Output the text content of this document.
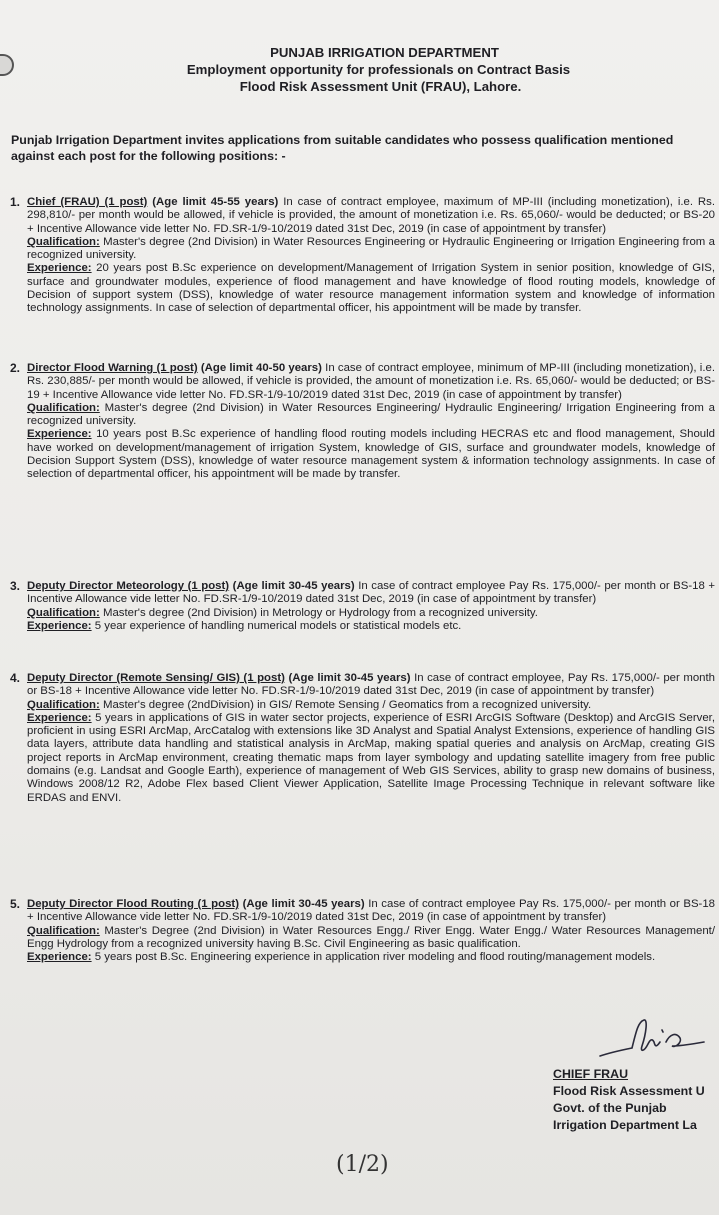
PUNJAB IRRIGATION DEPARTMENT
Employment opportunity for professionals on Contract Basis
Flood Risk Assessment Unit (FRAU), Lahore.
Punjab Irrigation Department invites applications from suitable candidates who possess qualification mentioned against each post for the following positions: -
1. Chief (FRAU) (1 post) (Age limit 45-55 years) In case of contract employee, maximum of MP-III (including monetization), i.e. Rs. 298,810/- per month would be allowed, if vehicle is provided, the amount of monetization i.e. Rs. 65,060/- would be deducted; or BS-20 + Incentive Allowance vide letter No. FD.SR-1/9-10/2019 dated 31st Dec, 2019 (in case of appointment by transfer)
Qualification: Master's degree (2nd Division) in Water Resources Engineering or Hydraulic Engineering or Irrigation Engineering from a recognized university.
Experience: 20 years post B.Sc experience on development/Management of Irrigation System in senior position, knowledge of GIS, surface and groundwater modules, experience of flood management and have knowledge of flood routing models, knowledge of Decision of support system (DSS), knowledge of water resource management information system and knowledge of information technology assignments. In case of selection of departmental officer, his appointment will be made by transfer.
2. Director Flood Warning (1 post) (Age limit 40-50 years) In case of contract employee, minimum of MP-III (including monetization), i.e. Rs. 230,885/- per month would be allowed, if vehicle is provided, the amount of monetization i.e. Rs. 65,060/- would be deducted; or BS-19 + Incentive Allowance vide letter No. FD.SR-1/9-10/2019 dated 31st Dec, 2019 (in case of appointment by transfer)
Qualification: Master's degree (2nd Division) in Water Resources Engineering/ Hydraulic Engineering/ Irrigation Engineering from a recognized university.
Experience: 10 years post B.Sc experience of handling flood routing models including HECRAS etc and flood management, Should have worked on development/management of irrigation System, knowledge of GIS, surface and groundwater models, knowledge of Decision Support System (DSS), knowledge of water resource management system & information technology assignments. In case of selection of departmental officer, his appointment will be made by transfer.
3. Deputy Director Meteorology (1 post) (Age limit 30-45 years) In case of contract employee Pay Rs. 175,000/- per month or BS-18 + Incentive Allowance vide letter No. FD.SR-1/9-10/2019 dated 31st Dec, 2019 (in case of appointment by transfer)
Qualification: Master's degree (2nd Division) in Metrology or Hydrology from a recognized university.
Experience: 5 year experience of handling numerical models or statistical models etc.
4. Deputy Director (Remote Sensing/ GIS) (1 post) (Age limit 30-45 years) In case of contract employee, Pay Rs. 175,000/- per month or BS-18 + Incentive Allowance vide letter No. FD.SR-1/9-10/2019 dated 31st Dec, 2019 (in case of appointment by transfer)
Qualification: Master's degree (2ndDivision) in GIS/ Remote Sensing / Geomatics from a recognized university.
Experience: 5 years in applications of GIS in water sector projects, experience of ESRI ArcGIS Software (Desktop) and ArcGIS Server, proficient in using ESRI ArcMap, ArcCatalog with extensions like 3D Analyst and Spatial Analyst Extensions, experience of handling GIS data layers, attribute data handling and statistical analysis in ArcMap, making spatial queries and analysis on ArcMap, creating GIS project reports in ArcMap environment, creating thematic maps from layer symbology and updating satellite imagery from free public domains (e.g. Landsat and Google Earth), experience of management of Web GIS Services, ability to grasp new domains of business, Windows 2008/12 R2, Adobe Flex based Client Viewer Application, Satellite Image Processing Technique in relevant software like ERDAS and ENVI.
5. Deputy Director Flood Routing (1 post) (Age limit 30-45 years) In case of contract employee Pay Rs. 175,000/- per month or BS-18 + Incentive Allowance vide letter No. FD.SR-1/9-10/2019 dated 31st Dec, 2019 (in case of appointment by transfer)
Qualification: Master's Degree (2nd Division) in Water Resources Engg./ River Engg. Water Engg./ Water Resources Management/ Engg Hydrology from a recognized university having B.Sc. Civil Engineering as basic qualification.
Experience: 5 years post B.Sc. Engineering experience in application river modeling and flood routing/management models.
CHIEF FRAU
Flood Risk Assessment U
Govt. of the Punjab
Irrigation Department La
(1/2)
